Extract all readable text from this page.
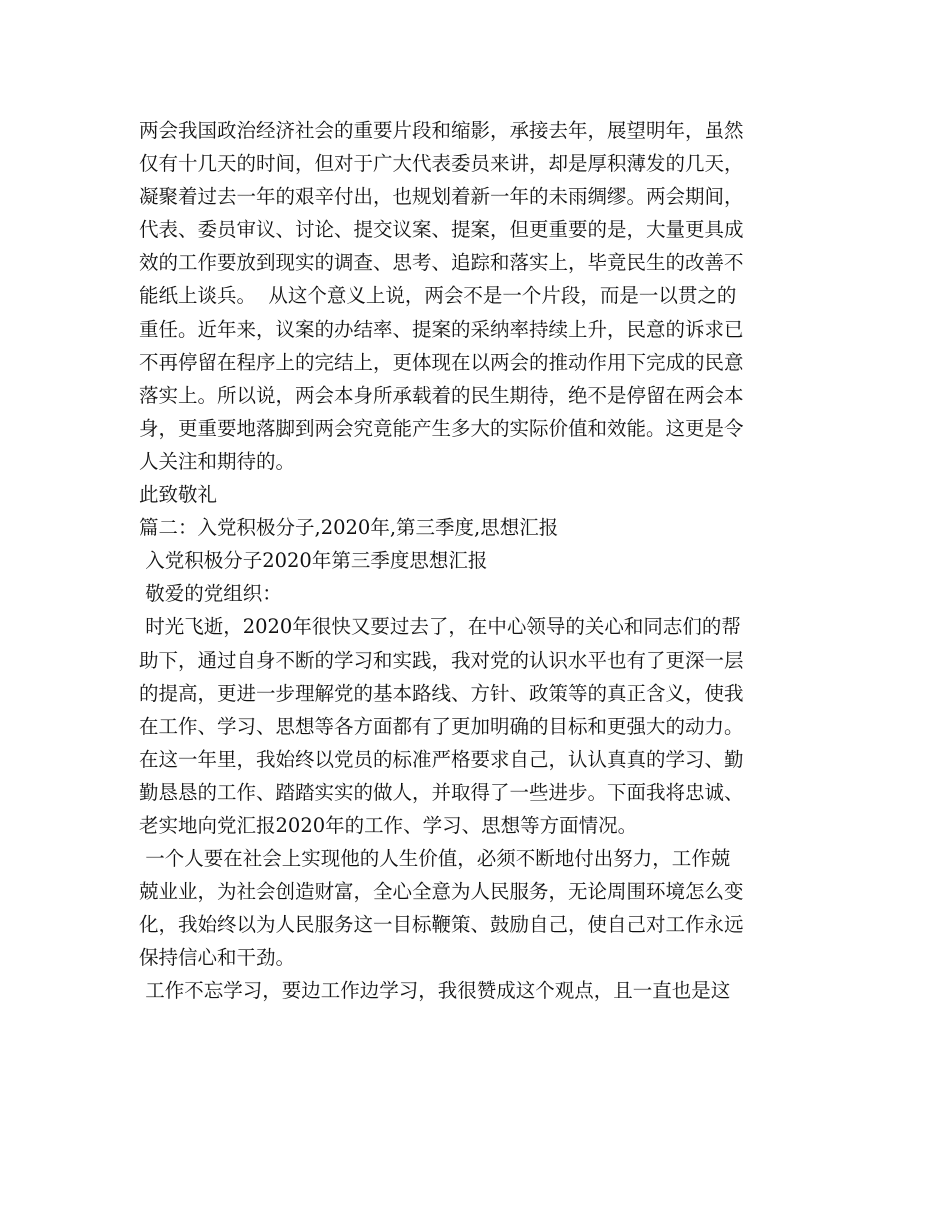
两会我国政治经济社会的重要片段和缩影，承接去年，展望明年，虽然
仅有十几天的时间，但对于广大代表委员来讲，却是厚积薄发的几天，
凝聚着过去一年的艰辛付出，也规划着新一年的未雨绸缪。两会期间，
代表、委员审议、讨论、提交议案、提案，但更重要的是，大量更具成
效的工作要放到现实的调查、思考、追踪和落实上，毕竟民生的改善不
能纸上谈兵。  从这个意义上说，两会不是一个片段，而是一以贯之的
重任。近年来，议案的办结率、提案的采纳率持续上升，民意的诉求已
不再停留在程序上的完结上，更体现在以两会的推动作用下完成的民意
落实上。所以说，两会本身所承载着的民生期待，绝不是停留在两会本
身，更重要地落脚到两会究竟能产生多大的实际价值和效能。这更是令
人关注和期待的。
此致敬礼
篇二：入党积极分子,2020年,第三季度,思想汇报
入党积极分子2020年第三季度思想汇报
敬爱的党组织：
时光飞逝，2020年很快又要过去了，在中心领导的关心和同志们的帮
助下，通过自身不断的学习和实践，我对党的认识水平也有了更深一层
的提高，更进一步理解党的基本路线、方针、政策等的真正含义，使我
在工作、学习、思想等各方面都有了更加明确的目标和更强大的动力。
在这一年里，我始终以党员的标准严格要求自己，认认真真的学习、勤
勤恳恳的工作、踏踏实实的做人，并取得了一些进步。下面我将忠诚、
老实地向党汇报2020年的工作、学习、思想等方面情况。
一个人要在社会上实现他的人生价值，必须不断地付出努力，工作兢
兢业业，为社会创造财富，全心全意为人民服务，无论周围环境怎么变
化，我始终以为人民服务这一目标鞭策、鼓励自己，使自己对工作永远
保持信心和干劲。
工作不忘学习，要边工作边学习，我很赞成这个观点，且一直也是这
